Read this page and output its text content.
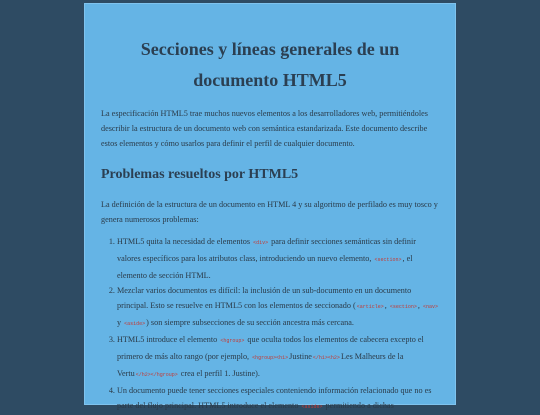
Secciones y líneas generales de un documento HTML5

La especificación HTML5 trae muchos nuevos elementos a los desarrolladores web, permitiéndoles describir la estructura de un documento web con semántica estandarizada. Este documento describe estos elementos y cómo usarlos para definir el perfil de cualquier documento.

Problemas resueltos por HTML5

La definición de la estructura de un documento en HTML 4 y su algoritmo de perfilado es muy tosco y genera numerosos problemas:

1. HTML5 quita la necesidad de elementos <div> para definir secciones semánticas sin definir valores específicos para los atributos class, introduciendo un nuevo elemento, <section>, el elemento de sección HTML.
2. Mezclar varios documentos es difícil: la inclusión de un sub-documento en un documento principal. Esto se resuelve en HTML5 con los elementos de seccionado (<article>, <section>, <nav> y <aside>) son siempre subsecciones de su sección ancestra más cercana.
3. HTML5 introduce el elemento <hgroup> que oculta todos los elementos de cabecera excepto el primero de más alto rango (por ejemplo, <hgroup><h1>Justine</h1><h2>Les Malheurs de la Vertu</h2></hgroup> crea el perfil 1. Justine).
4. Un documento puede tener secciones especiales conteniendo información relacionado que no es parte del flujo principal. HTML5 introduce el elemento <aside> permitiendo a dichas
